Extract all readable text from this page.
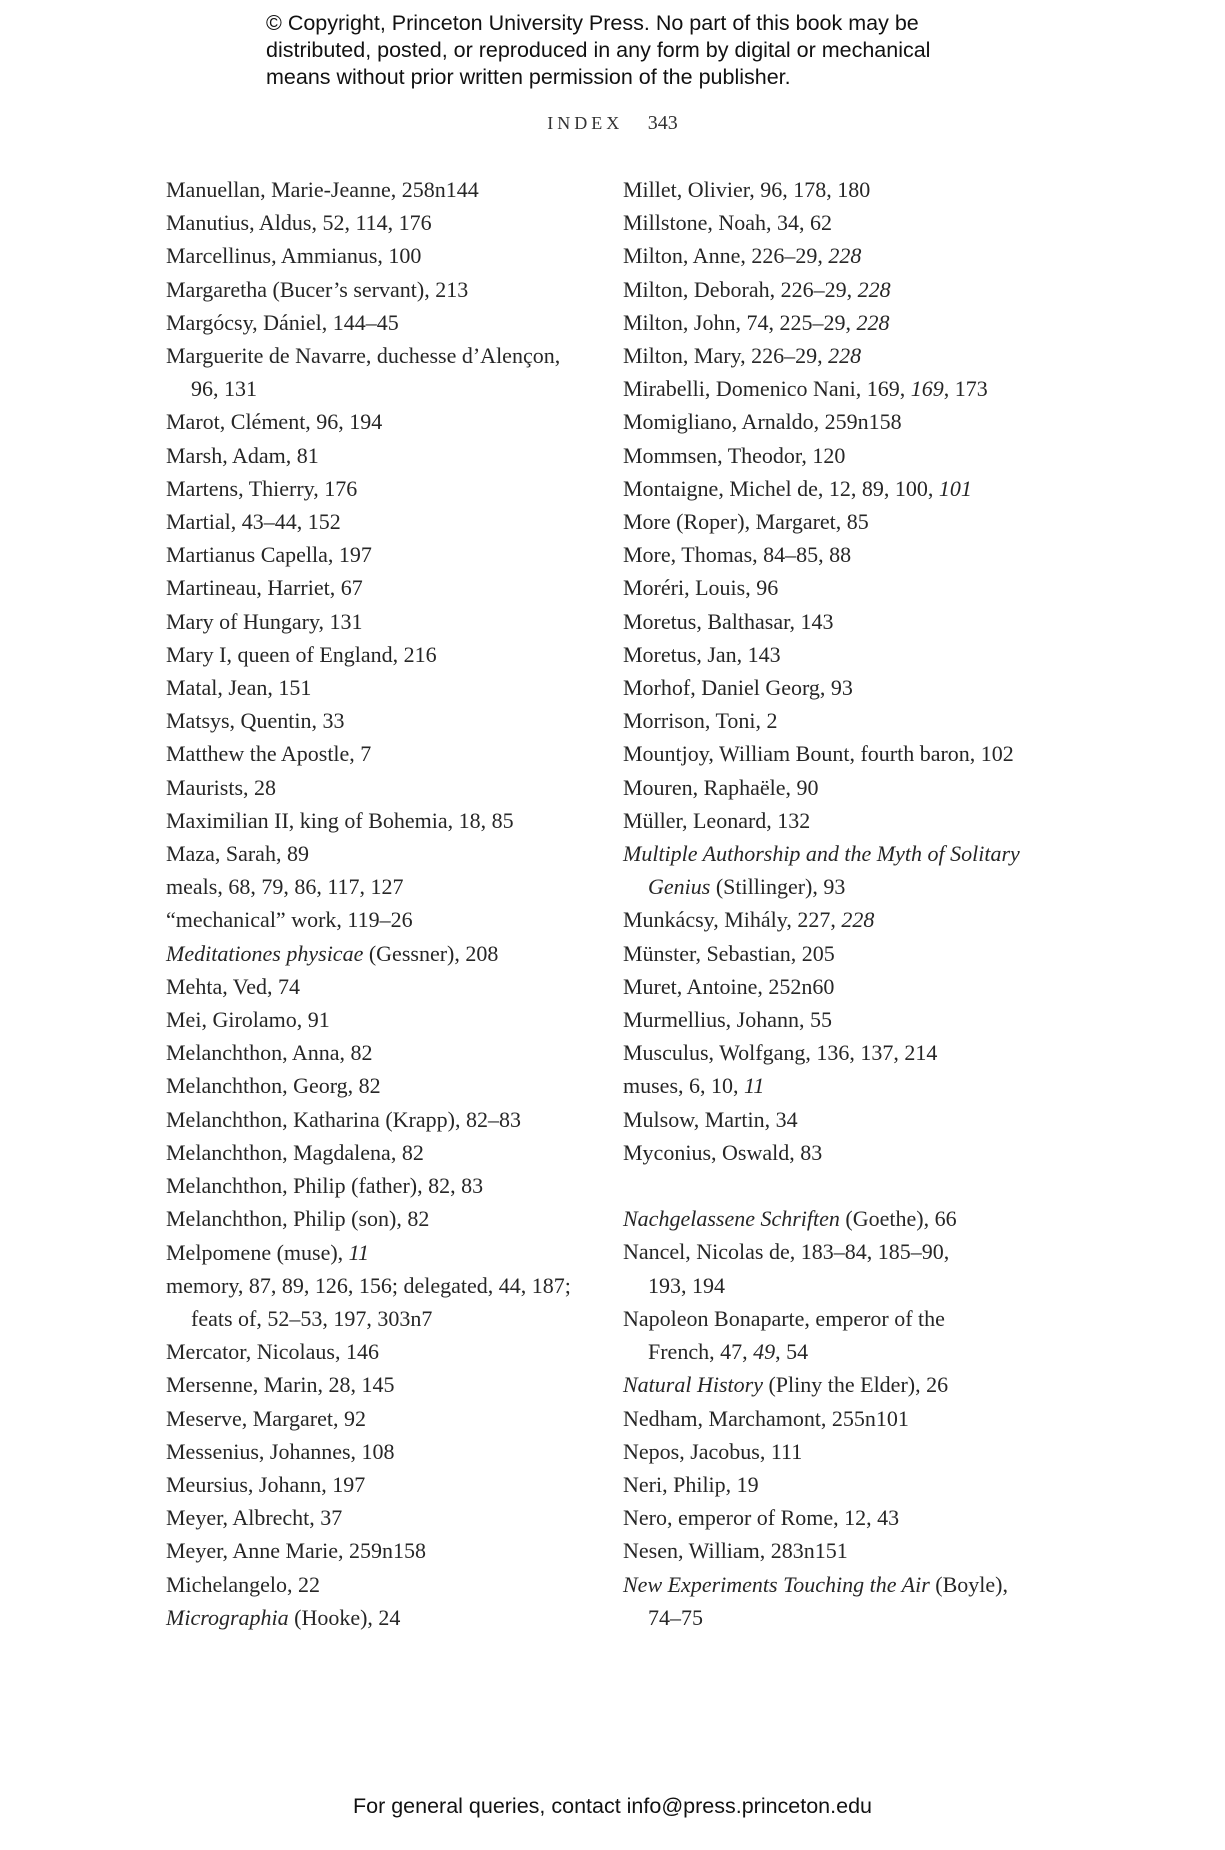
© Copyright, Princeton University Press. No part of this book may be
distributed, posted, or reproduced in any form by digital or mechanical
means without prior written permission of the publisher.
INDEX 343
Manuellan, Marie-Jeanne, 258n144
Manutius, Aldus, 52, 114, 176
Marcellinus, Ammianus, 100
Margaretha (Bucer’s servant), 213
Margócsy, Dániel, 144–45
Marguerite de Navarre, duchesse d’Alençon,
96, 131
Marot, Clément, 96, 194
Marsh, Adam, 81
Martens, Thierry, 176
Martial, 43–44, 152
Martianus Capella, 197
Martineau, Harriet, 67
Mary of Hungary, 131
Mary I, queen of England, 216
Matal, Jean, 151
Matsys, Quentin, 33
Matthew the Apostle, 7
Maurists, 28
Maximilian II, king of Bohemia, 18, 85
Maza, Sarah, 89
meals, 68, 79, 86, 117, 127
“mechanical” work, 119–26
Meditationes physicae (Gessner), 208
Mehta, Ved, 74
Mei, Girolamo, 91
Melanchthon, Anna, 82
Melanchthon, Georg, 82
Melanchthon, Katharina (Krapp), 82–83
Melanchthon, Magdalena, 82
Melanchthon, Philip (father), 82, 83
Melanchthon, Philip (son), 82
Melpomene (muse), 11
memory, 87, 89, 126, 156; delegated, 44, 187;
feats of, 52–53, 197, 303n7
Mercator, Nicolaus, 146
Mersenne, Marin, 28, 145
Meserve, Margaret, 92
Messenius, Johannes, 108
Meursius, Johann, 197
Meyer, Albrecht, 37
Meyer, Anne Marie, 259n158
Michelangelo, 22
Micrographia (Hooke), 24
Millet, Olivier, 96, 178, 180
Millstone, Noah, 34, 62
Milton, Anne, 226–29, 228
Milton, Deborah, 226–29, 228
Milton, John, 74, 225–29, 228
Milton, Mary, 226–29, 228
Mirabelli, Domenico Nani, 169, 169, 173
Momigliano, Arnaldo, 259n158
Mommsen, Theodor, 120
Montaigne, Michel de, 12, 89, 100, 101
More (Roper), Margaret, 85
More, Thomas, 84–85, 88
Moréri, Louis, 96
Moretus, Balthasar, 143
Moretus, Jan, 143
Morhof, Daniel Georg, 93
Morrison, Toni, 2
Mountjoy, William Bount, fourth baron, 102
Mouren, Raphaële, 90
Müller, Leonard, 132
Multiple Authorship and the Myth of Solitary
Genius (Stillinger), 93
Munkácsy, Mihály, 227, 228
Münster, Sebastian, 205
Muret, Antoine, 252n60
Murmellius, Johann, 55
Musculus, Wolfgang, 136, 137, 214
muses, 6, 10, 11
Mulsow, Martin, 34
Myconius, Oswald, 83
Nachgelassene Schriften (Goethe), 66
Nancel, Nicolas de, 183–84, 185–90,
193, 194
Napoleon Bonaparte, emperor of the
French, 47, 49, 54
Natural History (Pliny the Elder), 26
Nedham, Marchamont, 255n101
Nepos, Jacobus, 111
Neri, Philip, 19
Nero, emperor of Rome, 12, 43
Nesen, William, 283n151
New Experiments Touching the Air (Boyle),
74–75
For general queries, contact info@press.princeton.edu
